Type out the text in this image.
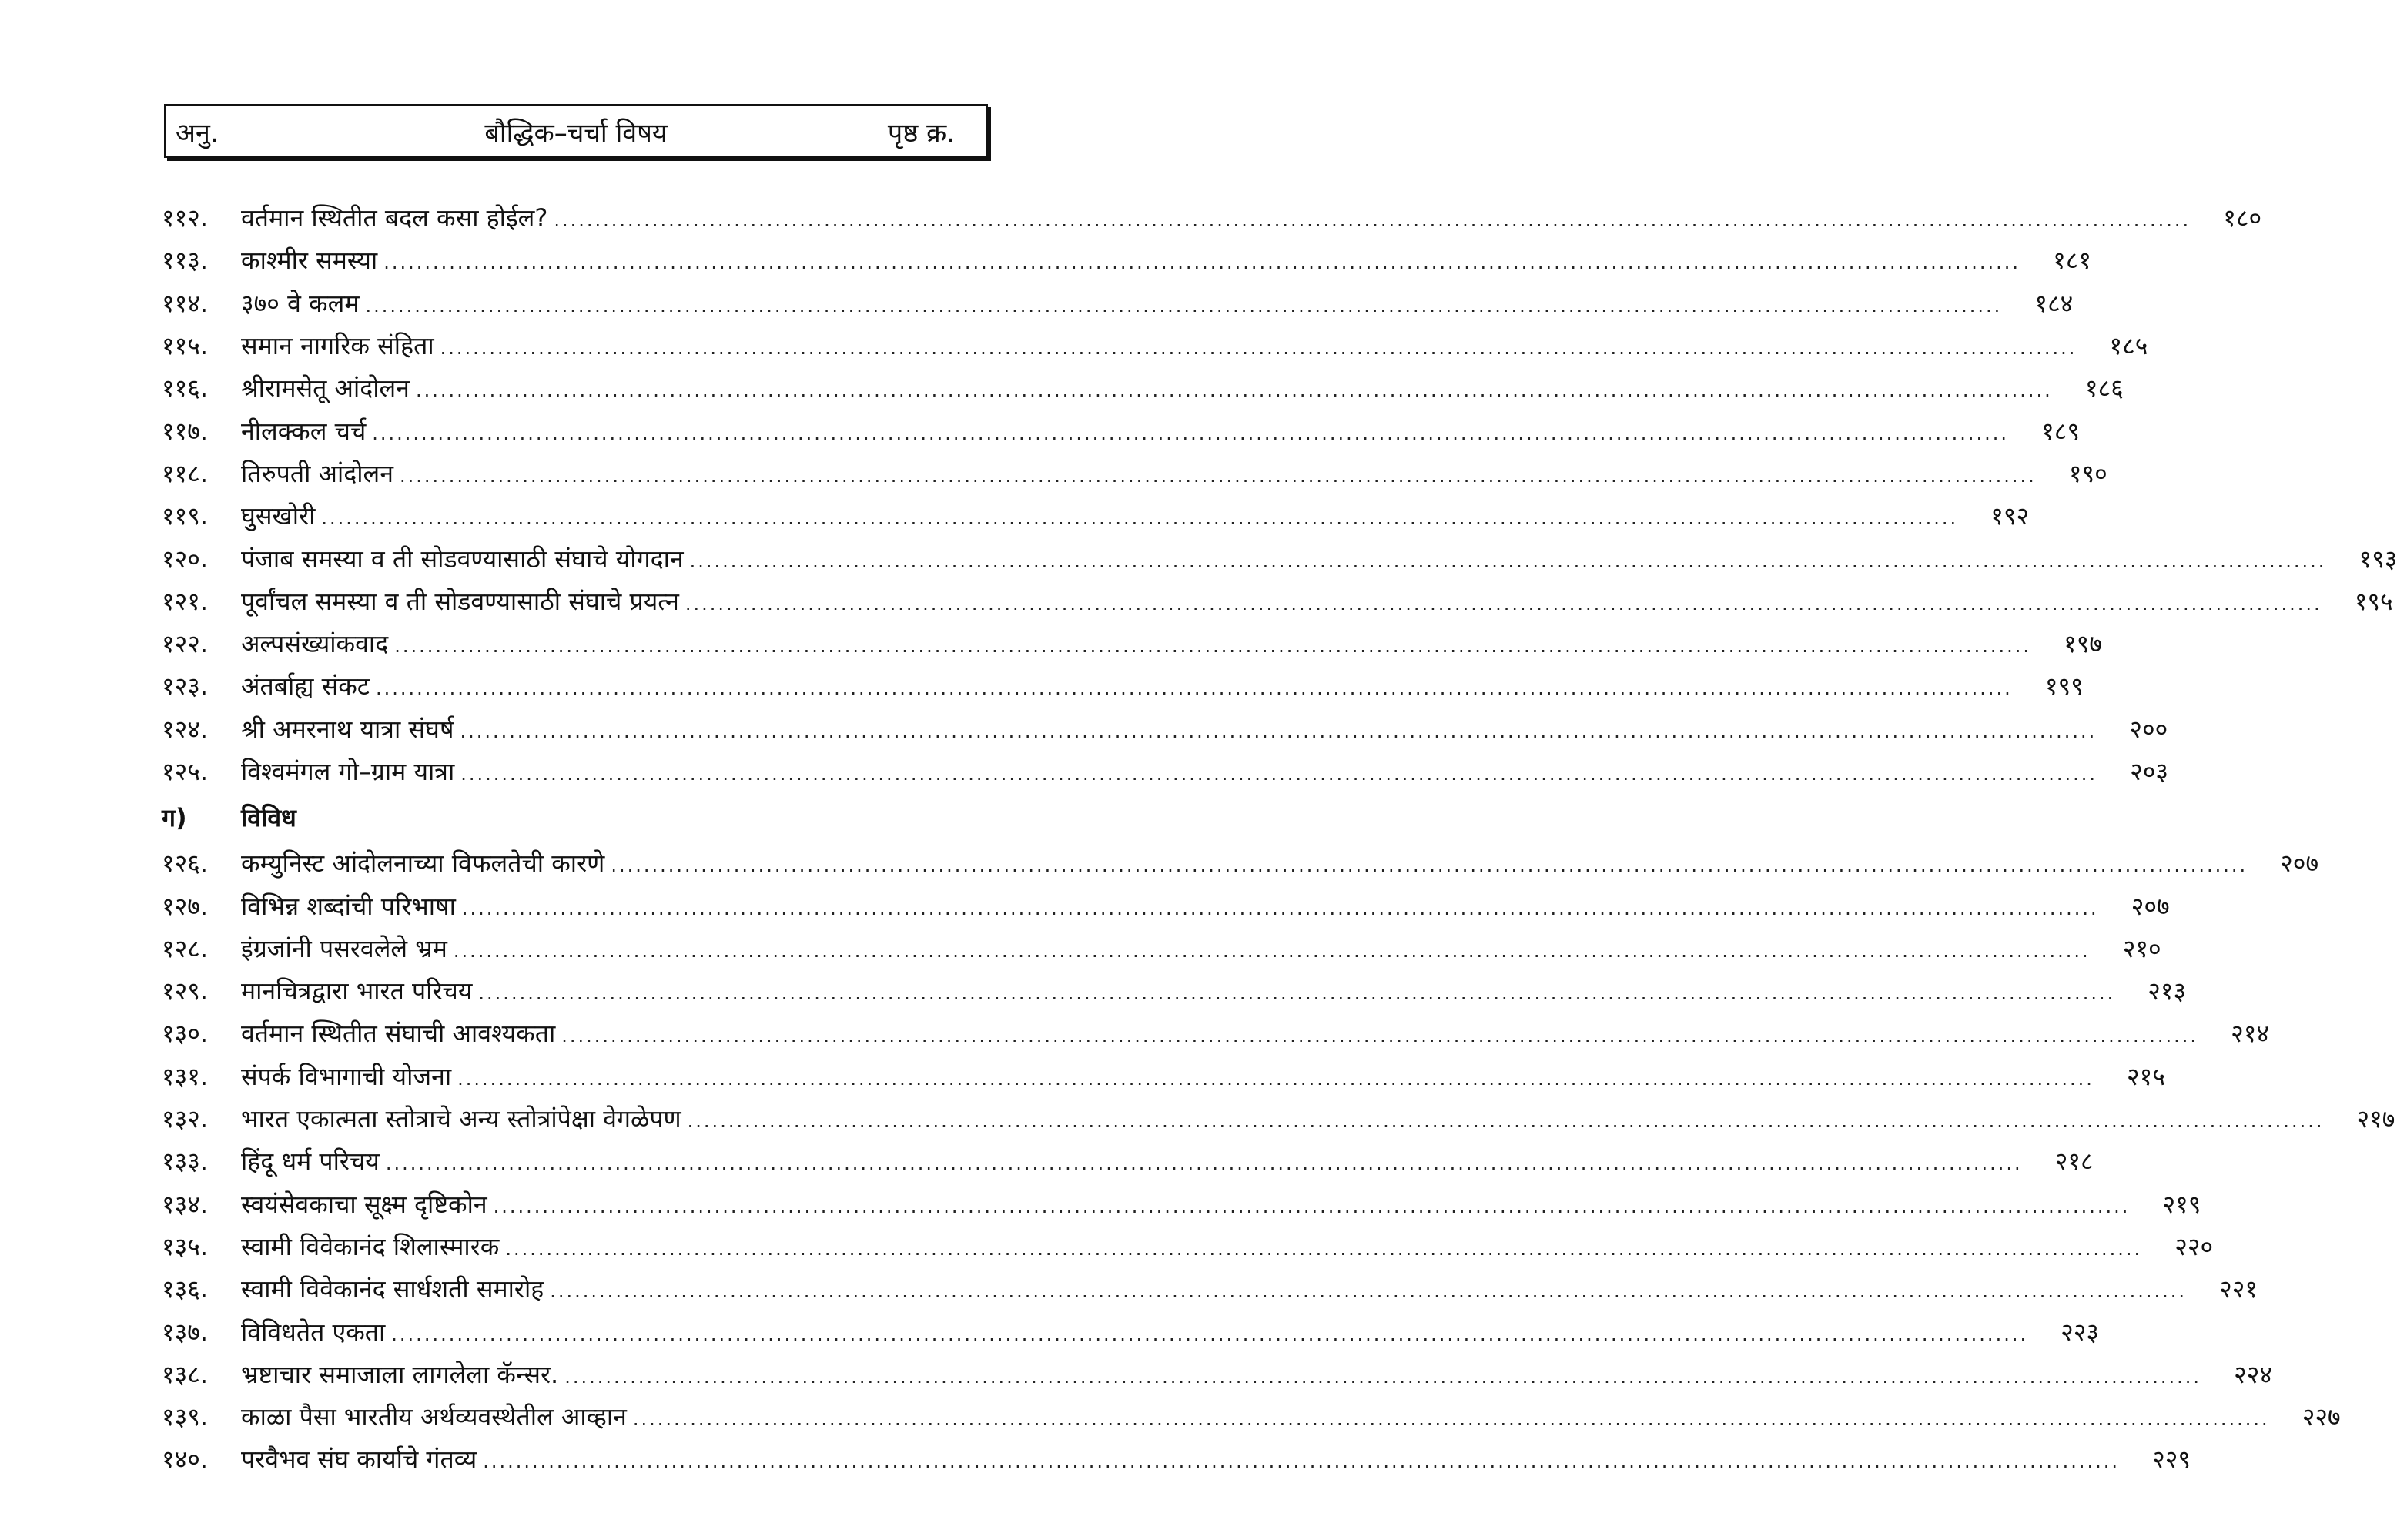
अनु.	बौद्धिक–चर्चा विषय	पृष्ठ क्र.
११२.	वर्तमान स्थितीत बदल कसा होईल? ........................................................................................................................................................................................................	१८०
११३.	काश्मीर समस्या ........................................................................................................................................................................................................	१८१
११४.	३७० वे कलम ........................................................................................................................................................................................................	१८४
११५.	समान नागरिक संहिता ........................................................................................................................................................................................................	१८५
११६.	श्रीरामसेतू आंदोलन ........................................................................................................................................................................................................	१८६
११७.	नीलक्कल चर्च ........................................................................................................................................................................................................	१८९
११८.	तिरुपती आंदोलन ........................................................................................................................................................................................................	१९०
११९.	घुसखोरी ........................................................................................................................................................................................................	१९२
१२०.	पंजाब समस्या व ती सोडवण्यासाठी संघाचे योगदान ........................................................................................................................................................................................................	१९३
१२१.	पूर्वांचल समस्या व ती सोडवण्यासाठी संघाचे प्रयत्न ........................................................................................................................................................................................................	१९५
१२२.	अल्पसंख्यांकवाद ........................................................................................................................................................................................................	१९७
१२३.	अंतर्बाह्य संकट ........................................................................................................................................................................................................	१९९
१२४.	श्री अमरनाथ यात्रा संघर्ष ........................................................................................................................................................................................................	२००
१२५.	विश्वमंगल गो–ग्राम यात्रा ........................................................................................................................................................................................................	२०३
ग)	विविध
१२६.	कम्युनिस्ट आंदोलनाच्या विफलतेची कारणे ........................................................................................................................................................................................................	२०७
१२७.	विभिन्न शब्दांची परिभाषा ........................................................................................................................................................................................................	२०७
१२८.	इंग्रजांनी पसरवलेले भ्रम ........................................................................................................................................................................................................	२१०
१२९.	मानचित्रद्वारा भारत परिचय ........................................................................................................................................................................................................	२१३
१३०.	वर्तमान स्थितीत संघाची आवश्यकता ........................................................................................................................................................................................................	२१४
१३१.	संपर्क विभागाची योजना ........................................................................................................................................................................................................	२१५
१३२.	भारत एकात्मता स्तोत्राचे अन्य स्तोत्रांपेक्षा वेगळेपण ........................................................................................................................................................................................................	२१७
१३३.	हिंदू धर्म परिचय ........................................................................................................................................................................................................	२१८
१३४.	स्वयंसेवकाचा सूक्ष्म दृष्टिकोन ........................................................................................................................................................................................................	२१९
१३५.	स्वामी विवेकानंद शिलास्मारक ........................................................................................................................................................................................................	२२०
१३६.	स्वामी विवेकानंद सार्धशती समारोह ........................................................................................................................................................................................................	२२१
१३७.	विविधतेत एकता ........................................................................................................................................................................................................	२२३
१३८.	भ्रष्टाचार समाजाला लागलेला कॅन्सर. ........................................................................................................................................................................................................	२२४
१३९.	काळा पैसा भारतीय अर्थव्यवस्थेतील आव्हान ........................................................................................................................................................................................................	२२७
१४०.	परवैभव संघ कार्याचे गंतव्य ........................................................................................................................................................................................................	२२९
